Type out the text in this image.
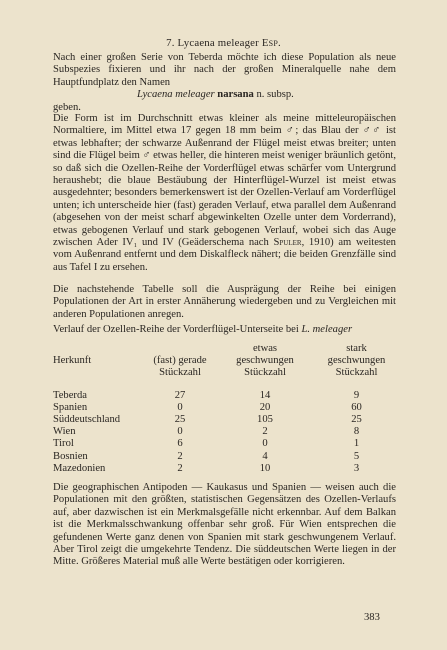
7. Lycaena meleager Esp.

Nach einer großen Serie von Teberda möchte ich diese Population als neue Subspezies fixieren und ihr nach der großen Mineralquelle nahe dem Hauptfundplatz den Namen

Lycaena meleager narsana n. subsp.

geben.

Die Form ist im Durchschnitt etwas kleiner als meine mitteleuropäischen Normaltiere, im Mittel etwa 17 gegen 18 mm beim ♂; das Blau der ♂♂ ist etwas lebhafter; der schwarze Außenrand der Flügel meist etwas breiter; unten sind die Flügel beim ♂ etwas heller, die hinteren meist weniger bräunlich getönt, so daß sich die Ozellen-Reihe der Vorderflügel etwas schärfer vom Untergrund heraushebt; die blaue Bestäubung der Hinterflügel-Wurzel ist meist etwas ausgedehnter; besonders bemerkenswert ist der Ozellen-Verlauf am Vorderflügel unten; ich unterscheide hier (fast) geraden Verlauf, etwa parallel dem Außenrand (abgesehen von der meist scharf abgewinkelten Ozelle unter dem Vorderrand), etwas gebogenen Verlauf und stark gebogenen Verlauf, wobei sich das Auge zwischen Ader IV₁ und IV (Geäderschema nach Spuler, 1910) am weitesten vom Außenrand entfernt und dem Diskalfleck nähert; die beiden Grenzfälle sind aus Tafel I zu ersehen.

Die nachstehende Tabelle soll die Ausprägung der Reihe bei einigen Populationen der Art in erster Annäherung wiedergeben und zu Vergleichen mit anderen Populationen anregen.

Verlauf der Ozellen-Reihe der Vorderflügel-Unterseite bei L. meleager
		etwas	stark
Herkunft	(fast) gerade	geschwungen	geschwungen
	Stückzahl	Stückzahl	Stückzahl

Teberda	27	14	9
Spanien	0	20	60
Süddeutschland	25	105	25
Wien	0	2	8
Tirol	6	0	1
Bosnien	2	4	5
Mazedonien	2	10	3

Die geographischen Antipoden — Kaukasus und Spanien — weisen auch die Populationen mit den größten, statistischen Gegensätzen des Ozellen-Verlaufs auf, aber dazwischen ist ein Merkmalsgefälle nicht erkennbar. Auf dem Balkan ist die Merkmalsschwankung offenbar sehr groß. Für Wien entsprechen die gefundenen Werte ganz denen von Spanien mit stark geschwungenem Verlauf. Aber Tirol zeigt die umgekehrte Tendenz. Die süddeutschen Werte liegen in der Mitte. Größeres Material muß alle Werte bestätigen oder korrigieren.

383
